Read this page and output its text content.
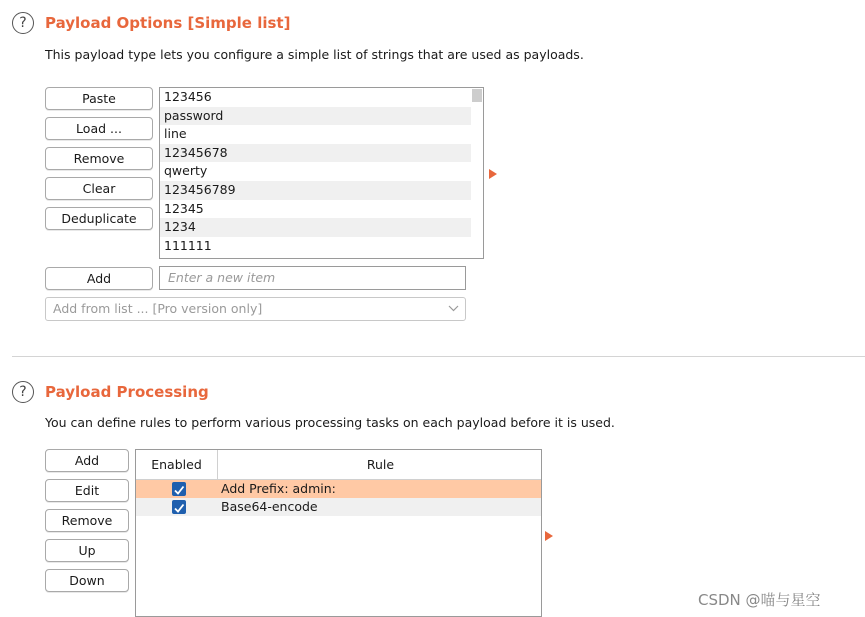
?	Payload Options [Simple list]
This payload type lets you configure a simple list of strings that are used as payloads.
Paste
Load ...
Remove
Clear
Deduplicate
123456
password
line
12345678
qwerty
123456789
12345
1234
111111
Add	Enter a new item
Add from list ... [Pro version only]
?	Payload Processing
You can define rules to perform various processing tasks on each payload before it is used.
Add
Edit
Remove
Up
Down
Enabled	Rule
Add Prefix: admin:
Base64-encode
CSDN @喵与星空
